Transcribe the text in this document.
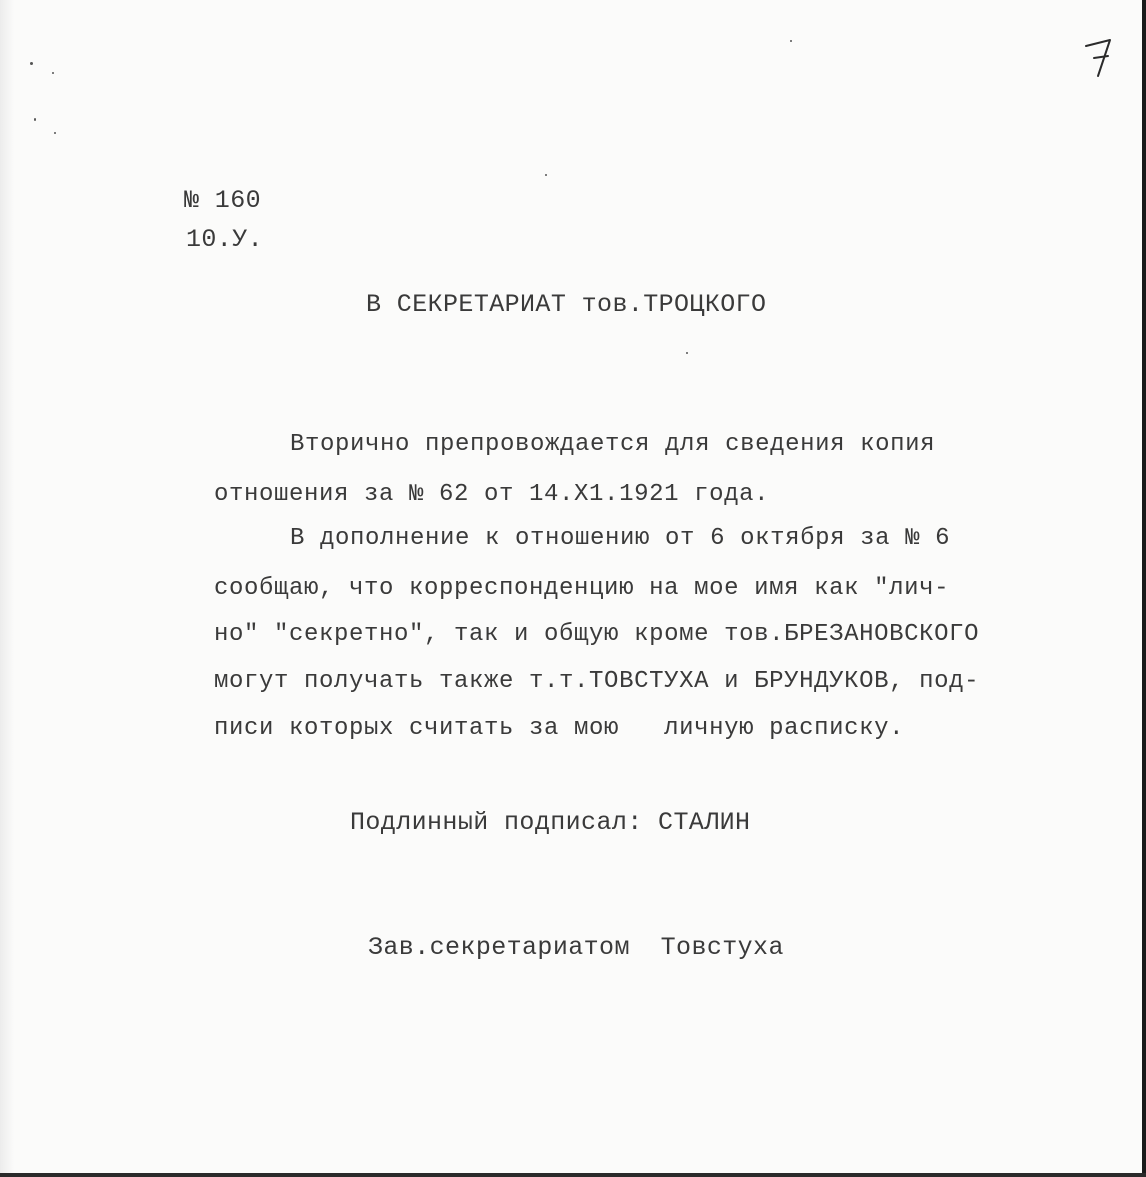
№ 160

10.У.

В СЕКРЕТАРИАТ тов.ТРОЦКОГО

Вторично препровождается для сведения копия

отношения за № 62 от 14.Х1.1921 года.

В дополнение к отношению от 6 октября за № 6

сообщаю, что корреспонденцию на мое имя как "лич-

но" "секретно", так и общую кроме тов.БРЕЗАНОВСКОГО

могут получать также т.т.ТОВСТУХА и БРУНДУКОВ, под-

писи которых считать за мою   личную расписку.

Подлинный подписал: СТАЛИН

Зав.секретариатом  Товстуха
